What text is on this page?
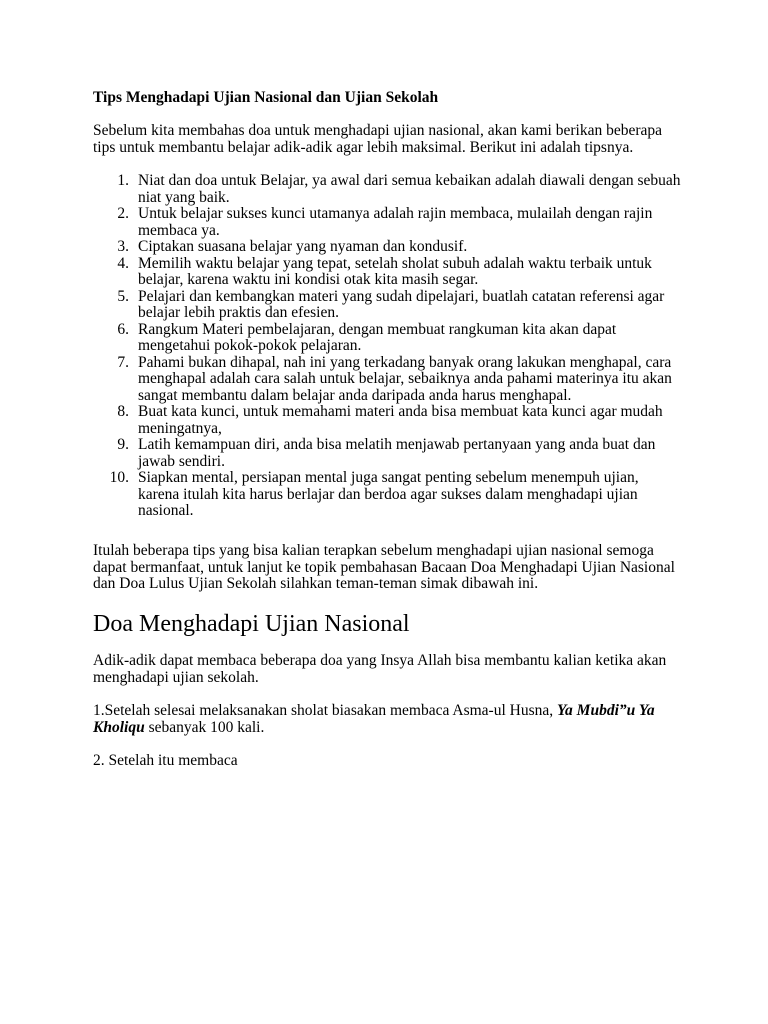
Tips Menghadapi Ujian Nasional dan Ujian Sekolah

Sebelum kita membahas doa untuk menghadapi ujian nasional, akan kami berikan beberapa tips untuk membantu belajar adik-adik agar lebih maksimal. Berikut ini adalah tipsnya.

1. Niat dan doa untuk Belajar, ya awal dari semua kebaikan adalah diawali dengan sebuah niat yang baik.
2. Untuk belajar sukses kunci utamanya adalah rajin membaca, mulailah dengan rajin membaca ya.
3. Ciptakan suasana belajar yang nyaman dan kondusif.
4. Memilih waktu belajar yang tepat, setelah sholat subuh adalah waktu terbaik untuk belajar, karena waktu ini kondisi otak kita masih segar.
5. Pelajari dan kembangkan materi yang sudah dipelajari, buatlah catatan referensi agar belajar lebih praktis dan efesien.
6. Rangkum Materi pembelajaran, dengan membuat rangkuman kita akan dapat mengetahui pokok-pokok pelajaran.
7. Pahami bukan dihapal, nah ini yang terkadang banyak orang lakukan menghapal, cara menghapal adalah cara salah untuk belajar, sebaiknya anda pahami materinya itu akan sangat membantu dalam belajar anda daripada anda harus menghapal.
8. Buat kata kunci, untuk memahami materi anda bisa membuat kata kunci agar mudah meningatnya,
9. Latih kemampuan diri, anda bisa melatih menjawab pertanyaan yang anda buat dan jawab sendiri.
10. Siapkan mental, persiapan mental juga sangat penting sebelum menempuh ujian, karena itulah kita harus berlajar dan berdoa agar sukses dalam menghadapi ujian nasional.

Itulah beberapa tips yang bisa kalian terapkan sebelum menghadapi ujian nasional semoga dapat bermanfaat, untuk lanjut ke topik pembahasan Bacaan Doa Menghadapi Ujian Nasional dan Doa Lulus Ujian Sekolah silahkan teman-teman simak dibawah ini.

Doa Menghadapi Ujian Nasional

Adik-adik dapat membaca beberapa doa yang Insya Allah bisa membantu kalian ketika akan menghadapi ujian sekolah.

1.Setelah selesai melaksanakan sholat biasakan membaca Asma-ul Husna, Ya Mubdi”u Ya Kholiqu sebanyak 100 kali.

2. Setelah itu membaca
